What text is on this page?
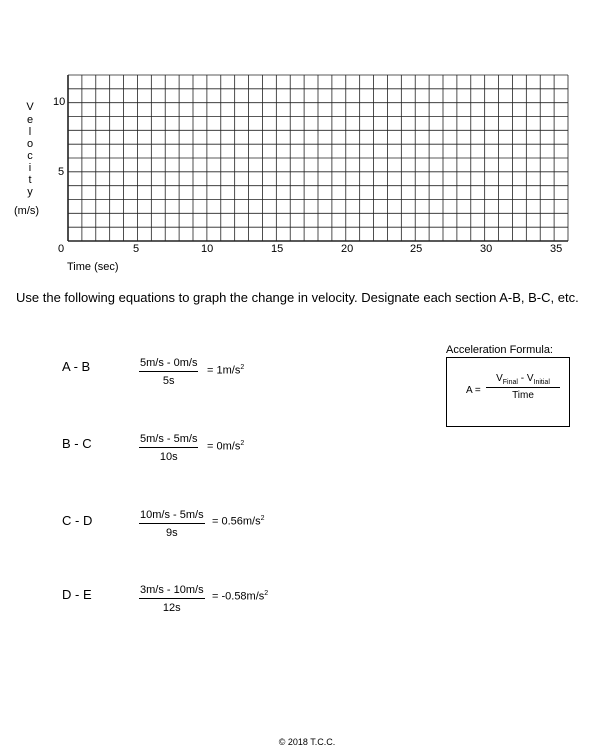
V
e
l
o
c
i
t
y
(m/s)
10
5
0	5	10	15	20	25	30	35
Time (sec)
Use the following equations to graph the change in velocity. Designate each section A-B, B-C, etc.
A - B	$\frac{5m/s - 0m/s}{5s} = 1m/s^2$
B - C	$\frac{5m/s - 5m/s}{10s} = 0m/s^2$
C - D	$\frac{10m/s - 5m/s}{9s} = 0.56m/s^2$
D - E	$\frac{3m/s - 10m/s}{12s} = -0.58m/s^2$
Acceleration Formula:
A =
$V_{Final} - V_{Initial}$
Time
© 2018 T.C.C.
